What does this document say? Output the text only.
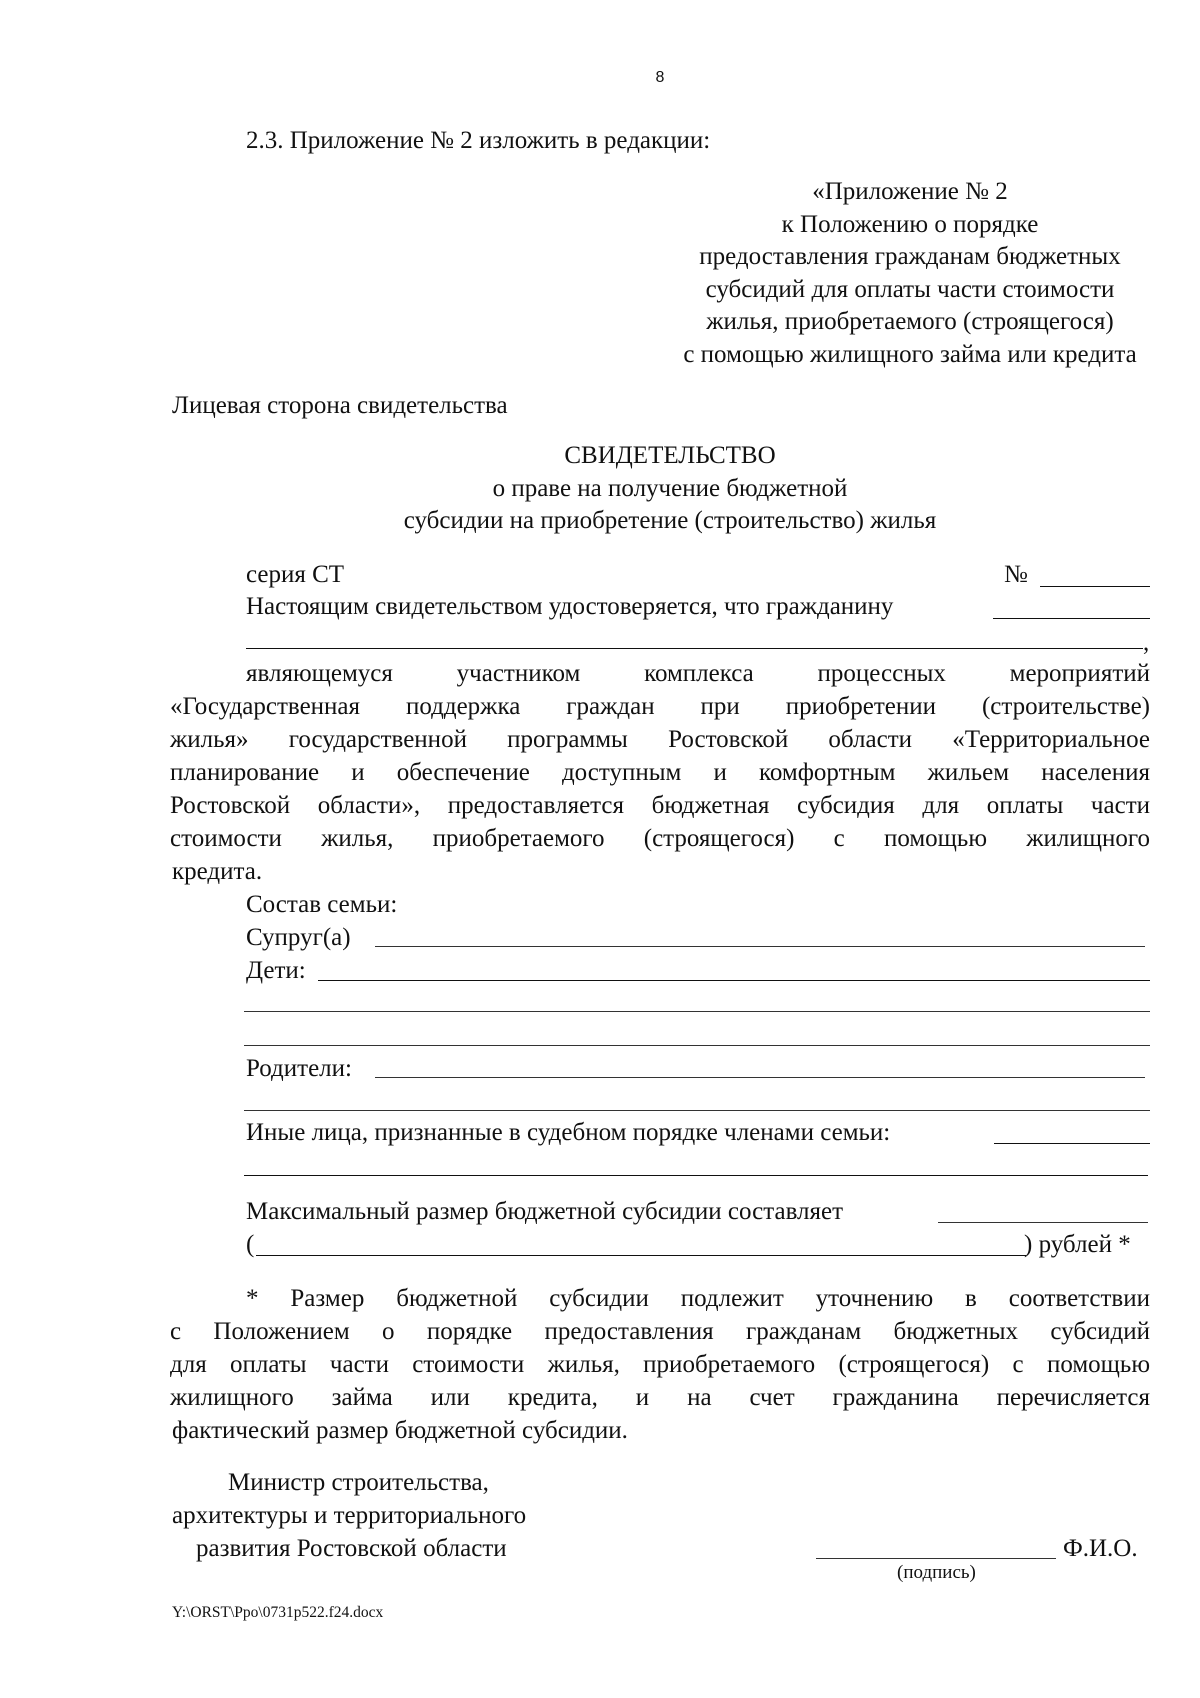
8
2.3. Приложение № 2 изложить в редакции:
«Приложение № 2
к Положению о порядке
предоставления гражданам бюджетных
субсидий для оплаты части стоимости
жилья, приобретаемого (строящегося)
с помощью жилищного займа или кредита
Лицевая сторона свидетельства
СВИДЕТЕЛЬСТВО
о праве на получение бюджетной
субсидии на приобретение (строительство) жилья
серия СТ	№
Настоящим свидетельством удостоверяется, что гражданину
,
являющемуся участником комплекса процессных мероприятий
«Государственная поддержка граждан при приобретении (строительстве)
жилья» государственной программы Ростовской области «Территориальное
планирование и обеспечение доступным и комфортным жильем населения
Ростовской области», предоставляется бюджетная субсидия для оплаты части
стоимости жилья, приобретаемого (строящегося) с помощью жилищного
кредита.
Состав семьи:
Супруг(а)
Дети:
Родители:
Иные лица, признанные в судебном порядке членами семьи:
Максимальный размер бюджетной субсидии составляет
(	) рублей *
* Размер бюджетной субсидии подлежит уточнению в соответствии
с Положением о порядке предоставления гражданам бюджетных субсидий
для оплаты части стоимости жилья, приобретаемого (строящегося) с помощью
жилищного займа или кредита, и на счет гражданина перечисляется
фактический размер бюджетной субсидии.
Министр строительства,
архитектуры и территориального
развития Ростовской области	Ф.И.О.
(подпись)
Y:\ORST\Ppo\0731p522.f24.docx
